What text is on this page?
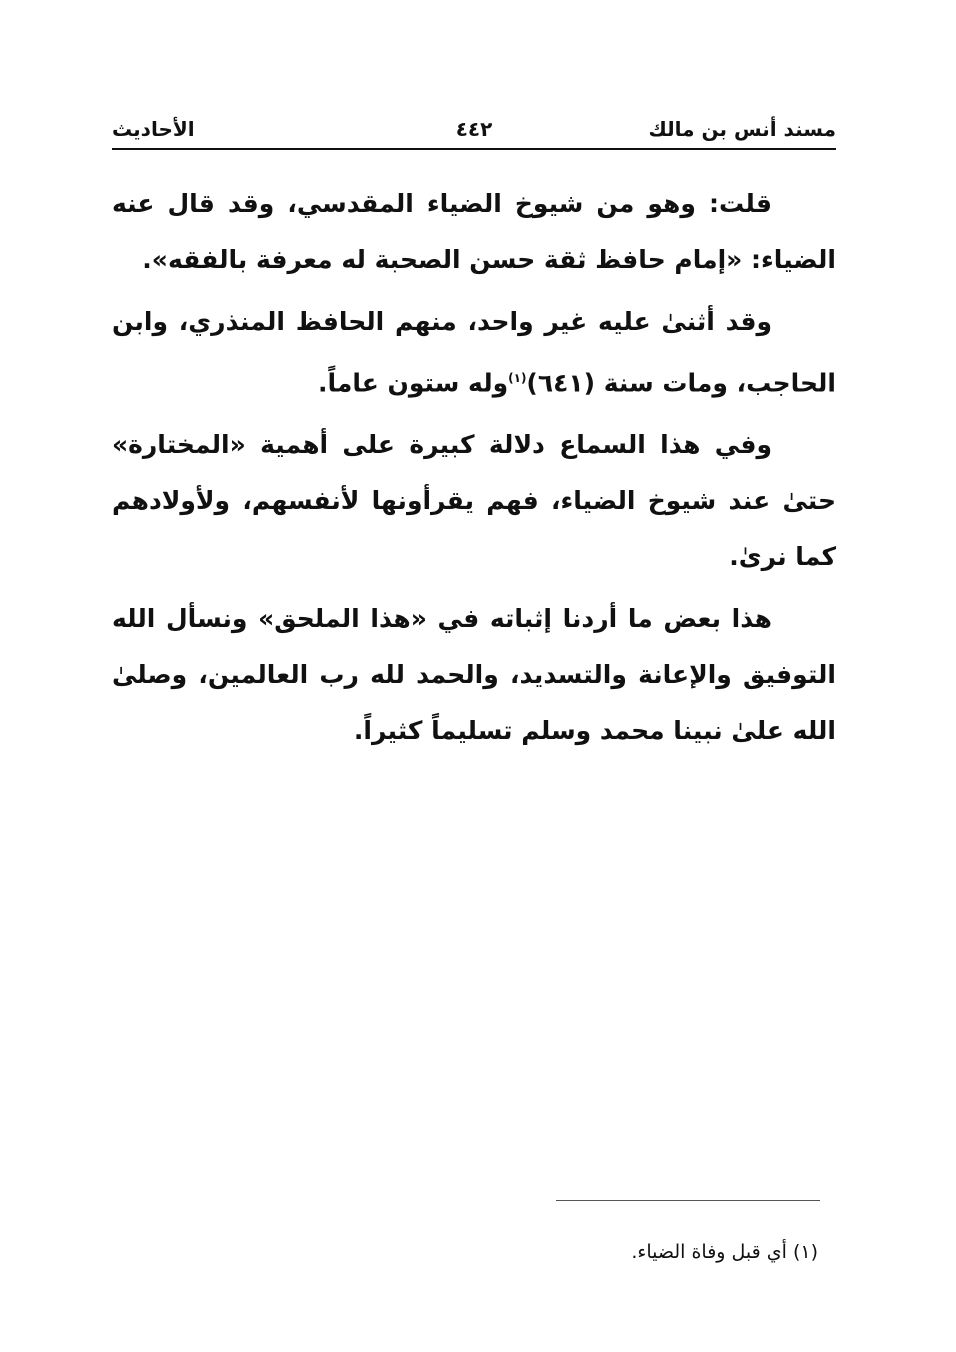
مسند أنس بن مالك
٤٤٢
الأحاديث

قلت: وهو من شيوخ الضياء المقدسي، وقد قال عنه الضياء: «إمام حافظ ثقة حسن الصحبة له معرفة بالفقه».

وقد أثنىٰ عليه غير واحد، منهم الحافظ المنذري، وابن الحاجب، ومات سنة (٦٤١)$^{(١)}$وله ستون عاماً.

وفي هذا السماع دلالة كبيرة على أهمية «المختارة» حتىٰ عند شيوخ الضياء، فهم يقرأونها لأنفسهم، ولأولادهم كما نرىٰ.

هذا بعض ما أردنا إثباته في «هذا الملحق» ونسأل الله التوفيق والإعانة والتسديد، والحمد لله رب العالمين، وصلىٰ الله علىٰ نبينا محمد وسلم تسليماً كثيراً.

(١) أي قبل وفاة الضياء.
